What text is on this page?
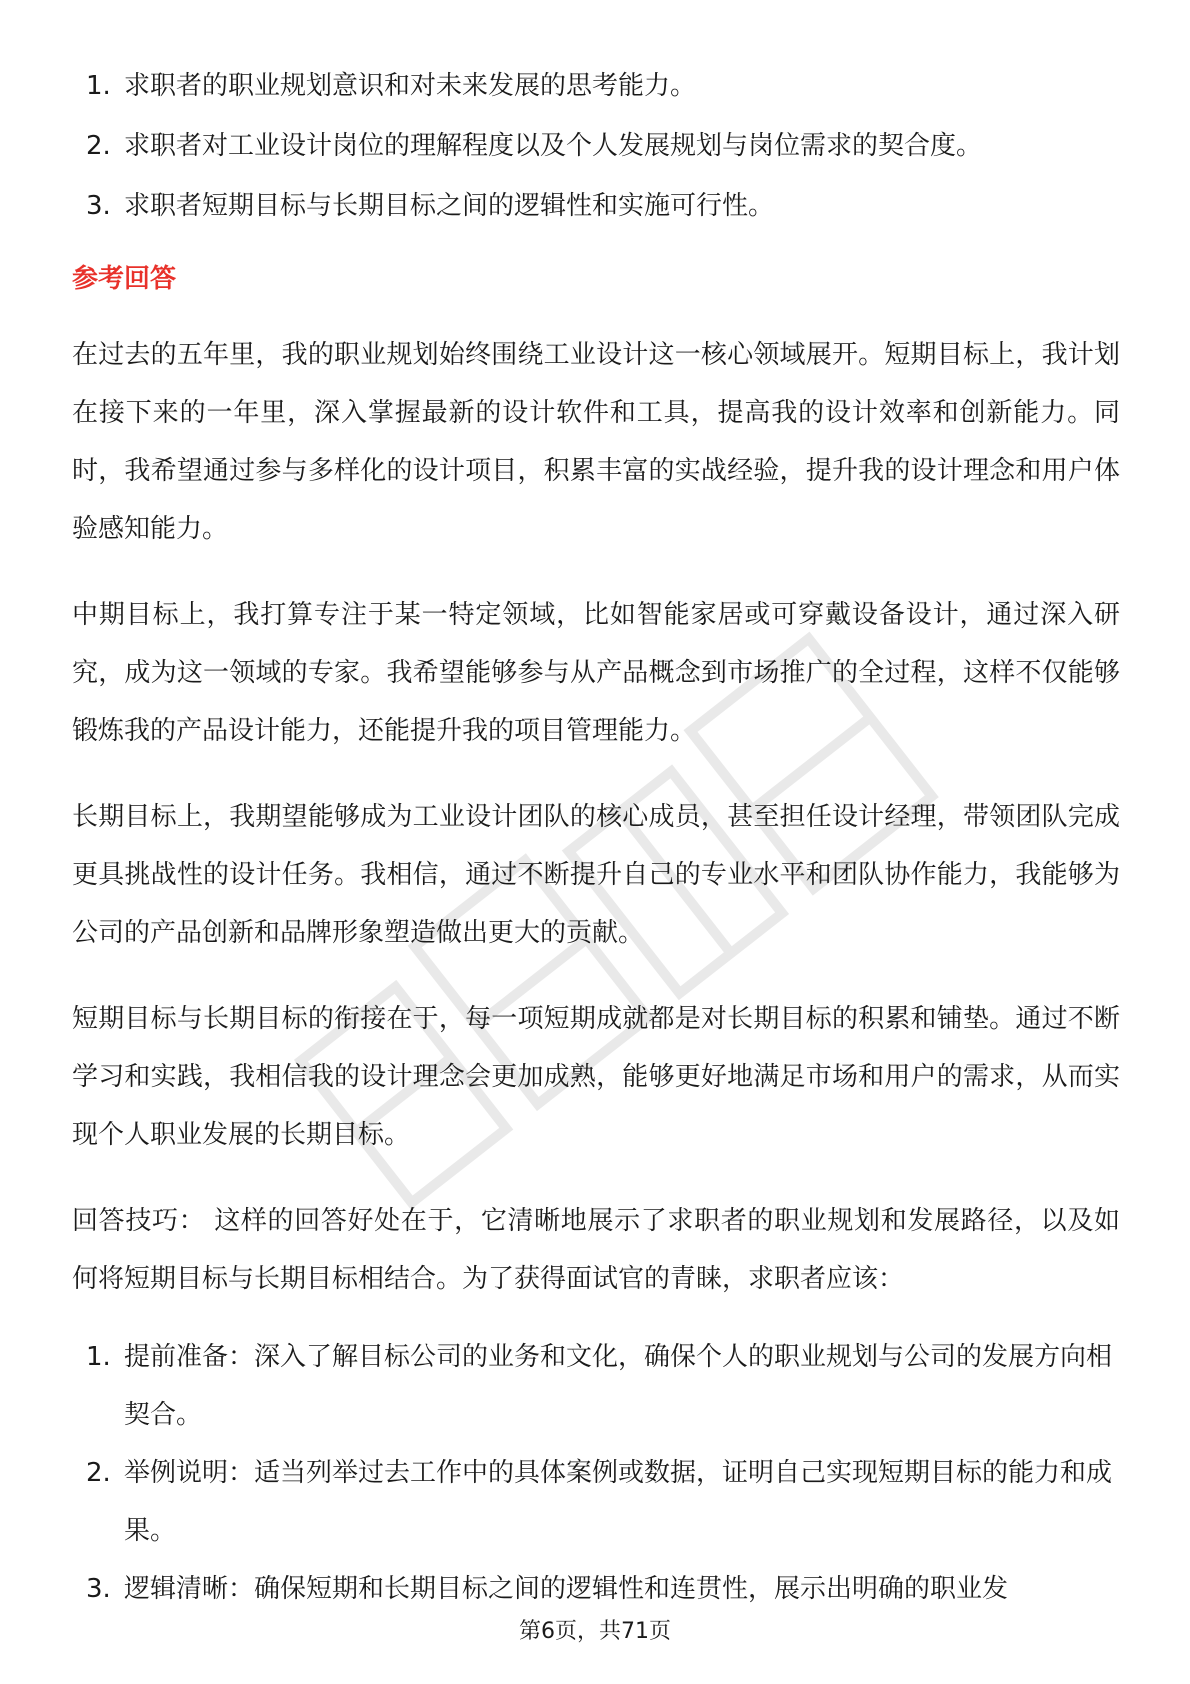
1. 求职者的职业规划意识和对未来发展的思考能力。
2. 求职者对工业设计岗位的理解程度以及个人发展规划与岗位需求的契合度。
3. 求职者短期目标与长期目标之间的逻辑性和实施可行性。
参考回答

在过去的五年里，我的职业规划始终围绕工业设计这一核心领域展开。短期目标上，我计划在接下来的一年里，深入掌握最新的设计软件和工具，提高我的设计效率和创新能力。同时，我希望通过参与多样化的设计项目，积累丰富的实战经验，提升我的设计理念和用户体验感知能力。

中期目标上，我打算专注于某一特定领域，比如智能家居或可穿戴设备设计，通过深入研究，成为这一领域的专家。我希望能够参与从产品概念到市场推广的全过程，这样不仅能够锻炼我的产品设计能力，还能提升我的项目管理能力。

长期目标上，我期望能够成为工业设计团队的核心成员，甚至担任设计经理，带领团队完成更具挑战性的设计任务。我相信，通过不断提升自己的专业水平和团队协作能力，我能够为公司的产品创新和品牌形象塑造做出更大的贡献。

短期目标与长期目标的衔接在于，每一项短期成就都是对长期目标的积累和铺垫。通过不断学习和实践，我相信我的设计理念会更加成熟，能够更好地满足市场和用户的需求，从而实现个人职业发展的长期目标。

回答技巧： 这样的回答好处在于，它清晰地展示了求职者的职业规划和发展路径，以及如何将短期目标与长期目标相结合。为了获得面试官的青睐，求职者应该：

1. 提前准备：深入了解目标公司的业务和文化，确保个人的职业规划与公司的发展方向相契合。
2. 举例说明：适当列举过去工作中的具体案例或数据，证明自己实现短期目标的能力和成果。
3. 逻辑清晰：确保短期和长期目标之间的逻辑性和连贯性，展示出明确的职业发
第6页，共71页
